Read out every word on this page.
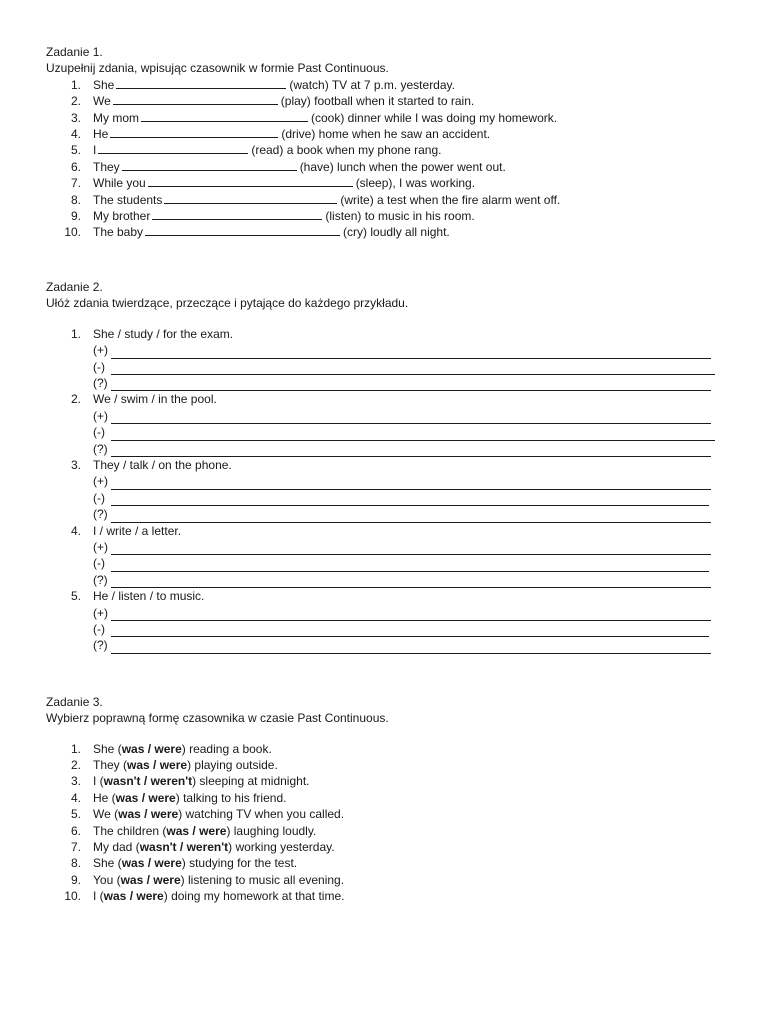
Zadanie 1.

Uzupełnij zdania, wpisując czasownik w formie Past Continuous.

1. She	(watch) TV at 7 p.m. yesterday.
2. We	(play) football when it started to rain.
3. My mom	(cook) dinner while I was doing my homework.
4. He	(drive) home when he saw an accident.
5. I	(read) a book when my phone rang.
6. They	(have) lunch when the power went out.
7. While you	(sleep), I was working.
8. The students	(write) a test when the fire alarm went off.
9. My brother	(listen) to music in his room.
10. The baby	(cry) loudly all night.

Zadanie 2.

Ułóż zdania twierdzące, przeczące i pytające do każdego przykładu.

1. She / study / for the exam.
(+)
(-)
(?)
2. We / swim / in the pool.
(+)
(-)
(?)
3. They / talk / on the phone.
(+)
(-)
(?)
4. I / write / a letter.
(+)
(-)
(?)
5. He / listen / to music.
(+)
(-)
(?)

Zadanie 3.

Wybierz poprawną formę czasownika w czasie Past Continuous.

1. She (was / were) reading a book.
2. They (was / were) playing outside.
3. I (wasn't / weren't) sleeping at midnight.
4. He (was / were) talking to his friend.
5. We (was / were) watching TV when you called.
6. The children (was / were) laughing loudly.
7. My dad (wasn't / weren't) working yesterday.
8. She (was / were) studying for the test.
9. You (was / were) listening to music all evening.
10. I (was / were) doing my homework at that time.
